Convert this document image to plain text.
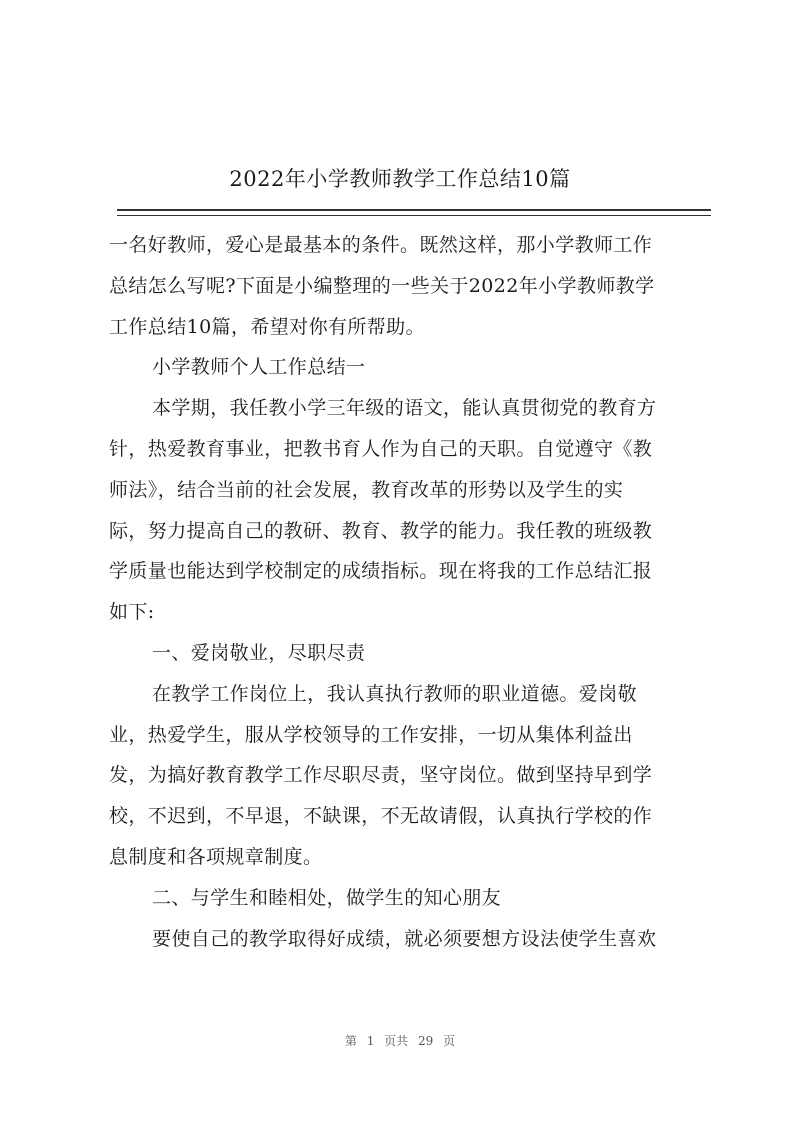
2022年小学教师教学工作总结10篇
一名好教师，爱心是最基本的条件。既然这样，那小学教师工作
总结怎么写呢?下面是小编整理的一些关于2022年小学教师教学
工作总结10篇，希望对你有所帮助。
小学教师个人工作总结一
本学期，我任教小学三年级的语文，能认真贯彻党的教育方
针，热爱教育事业，把教书育人作为自己的天职。自觉遵守《教
师法》，结合当前的社会发展，教育改革的形势以及学生的实
际，努力提高自己的教研、教育、教学的能力。我任教的班级教
学质量也能达到学校制定的成绩指标。现在将我的工作总结汇报
如下:
一、爱岗敬业，尽职尽责
在教学工作岗位上，我认真执行教师的职业道德。爱岗敬
业，热爱学生，服从学校领导的工作安排，一切从集体利益出
发，为搞好教育教学工作尽职尽责，坚守岗位。做到坚持早到学
校，不迟到，不早退，不缺课，不无故请假，认真执行学校的作
息制度和各项规章制度。
二、与学生和睦相处，做学生的知心朋友
要使自己的教学取得好成绩，就必须要想方设法使学生喜欢
第 1 页共 29 页
